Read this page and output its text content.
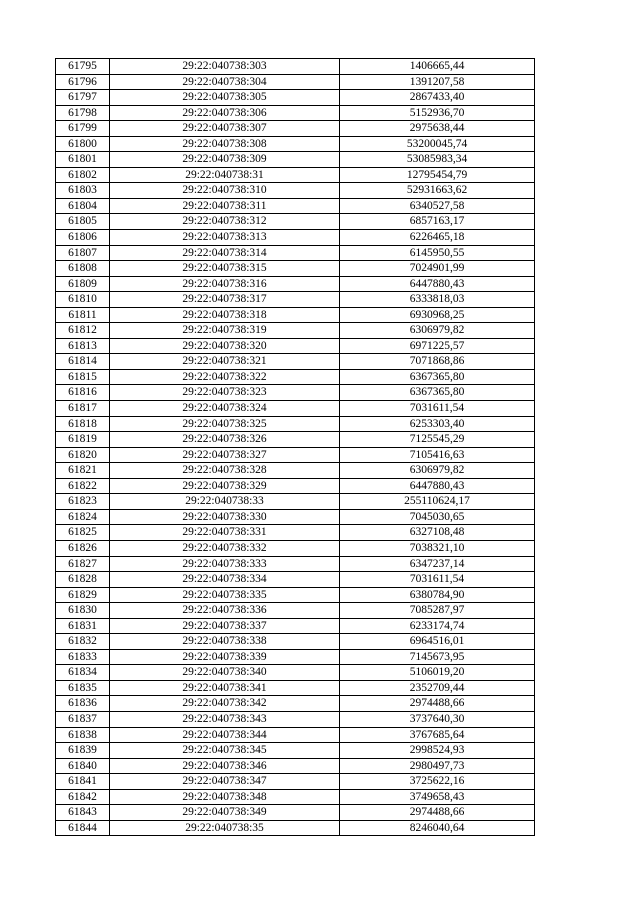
61795	29:22:040738:303	1406665,44
61796	29:22:040738:304	1391207,58
61797	29:22:040738:305	2867433,40
61798	29:22:040738:306	5152936,70
61799	29:22:040738:307	2975638,44
61800	29:22:040738:308	53200045,74
61801	29:22:040738:309	53085983,34
61802	29:22:040738:31	12795454,79
61803	29:22:040738:310	52931663,62
61804	29:22:040738:311	6340527,58
61805	29:22:040738:312	6857163,17
61806	29:22:040738:313	6226465,18
61807	29:22:040738:314	6145950,55
61808	29:22:040738:315	7024901,99
61809	29:22:040738:316	6447880,43
61810	29:22:040738:317	6333818,03
61811	29:22:040738:318	6930968,25
61812	29:22:040738:319	6306979,82
61813	29:22:040738:320	6971225,57
61814	29:22:040738:321	7071868,86
61815	29:22:040738:322	6367365,80
61816	29:22:040738:323	6367365,80
61817	29:22:040738:324	7031611,54
61818	29:22:040738:325	6253303,40
61819	29:22:040738:326	7125545,29
61820	29:22:040738:327	7105416,63
61821	29:22:040738:328	6306979,82
61822	29:22:040738:329	6447880,43
61823	29:22:040738:33	255110624,17
61824	29:22:040738:330	7045030,65
61825	29:22:040738:331	6327108,48
61826	29:22:040738:332	7038321,10
61827	29:22:040738:333	6347237,14
61828	29:22:040738:334	7031611,54
61829	29:22:040738:335	6380784,90
61830	29:22:040738:336	7085287,97
61831	29:22:040738:337	6233174,74
61832	29:22:040738:338	6964516,01
61833	29:22:040738:339	7145673,95
61834	29:22:040738:340	5106019,20
61835	29:22:040738:341	2352709,44
61836	29:22:040738:342	2974488,66
61837	29:22:040738:343	3737640,30
61838	29:22:040738:344	3767685,64
61839	29:22:040738:345	2998524,93
61840	29:22:040738:346	2980497,73
61841	29:22:040738:347	3725622,16
61842	29:22:040738:348	3749658,43
61843	29:22:040738:349	2974488,66
61844	29:22:040738:35	8246040,64
